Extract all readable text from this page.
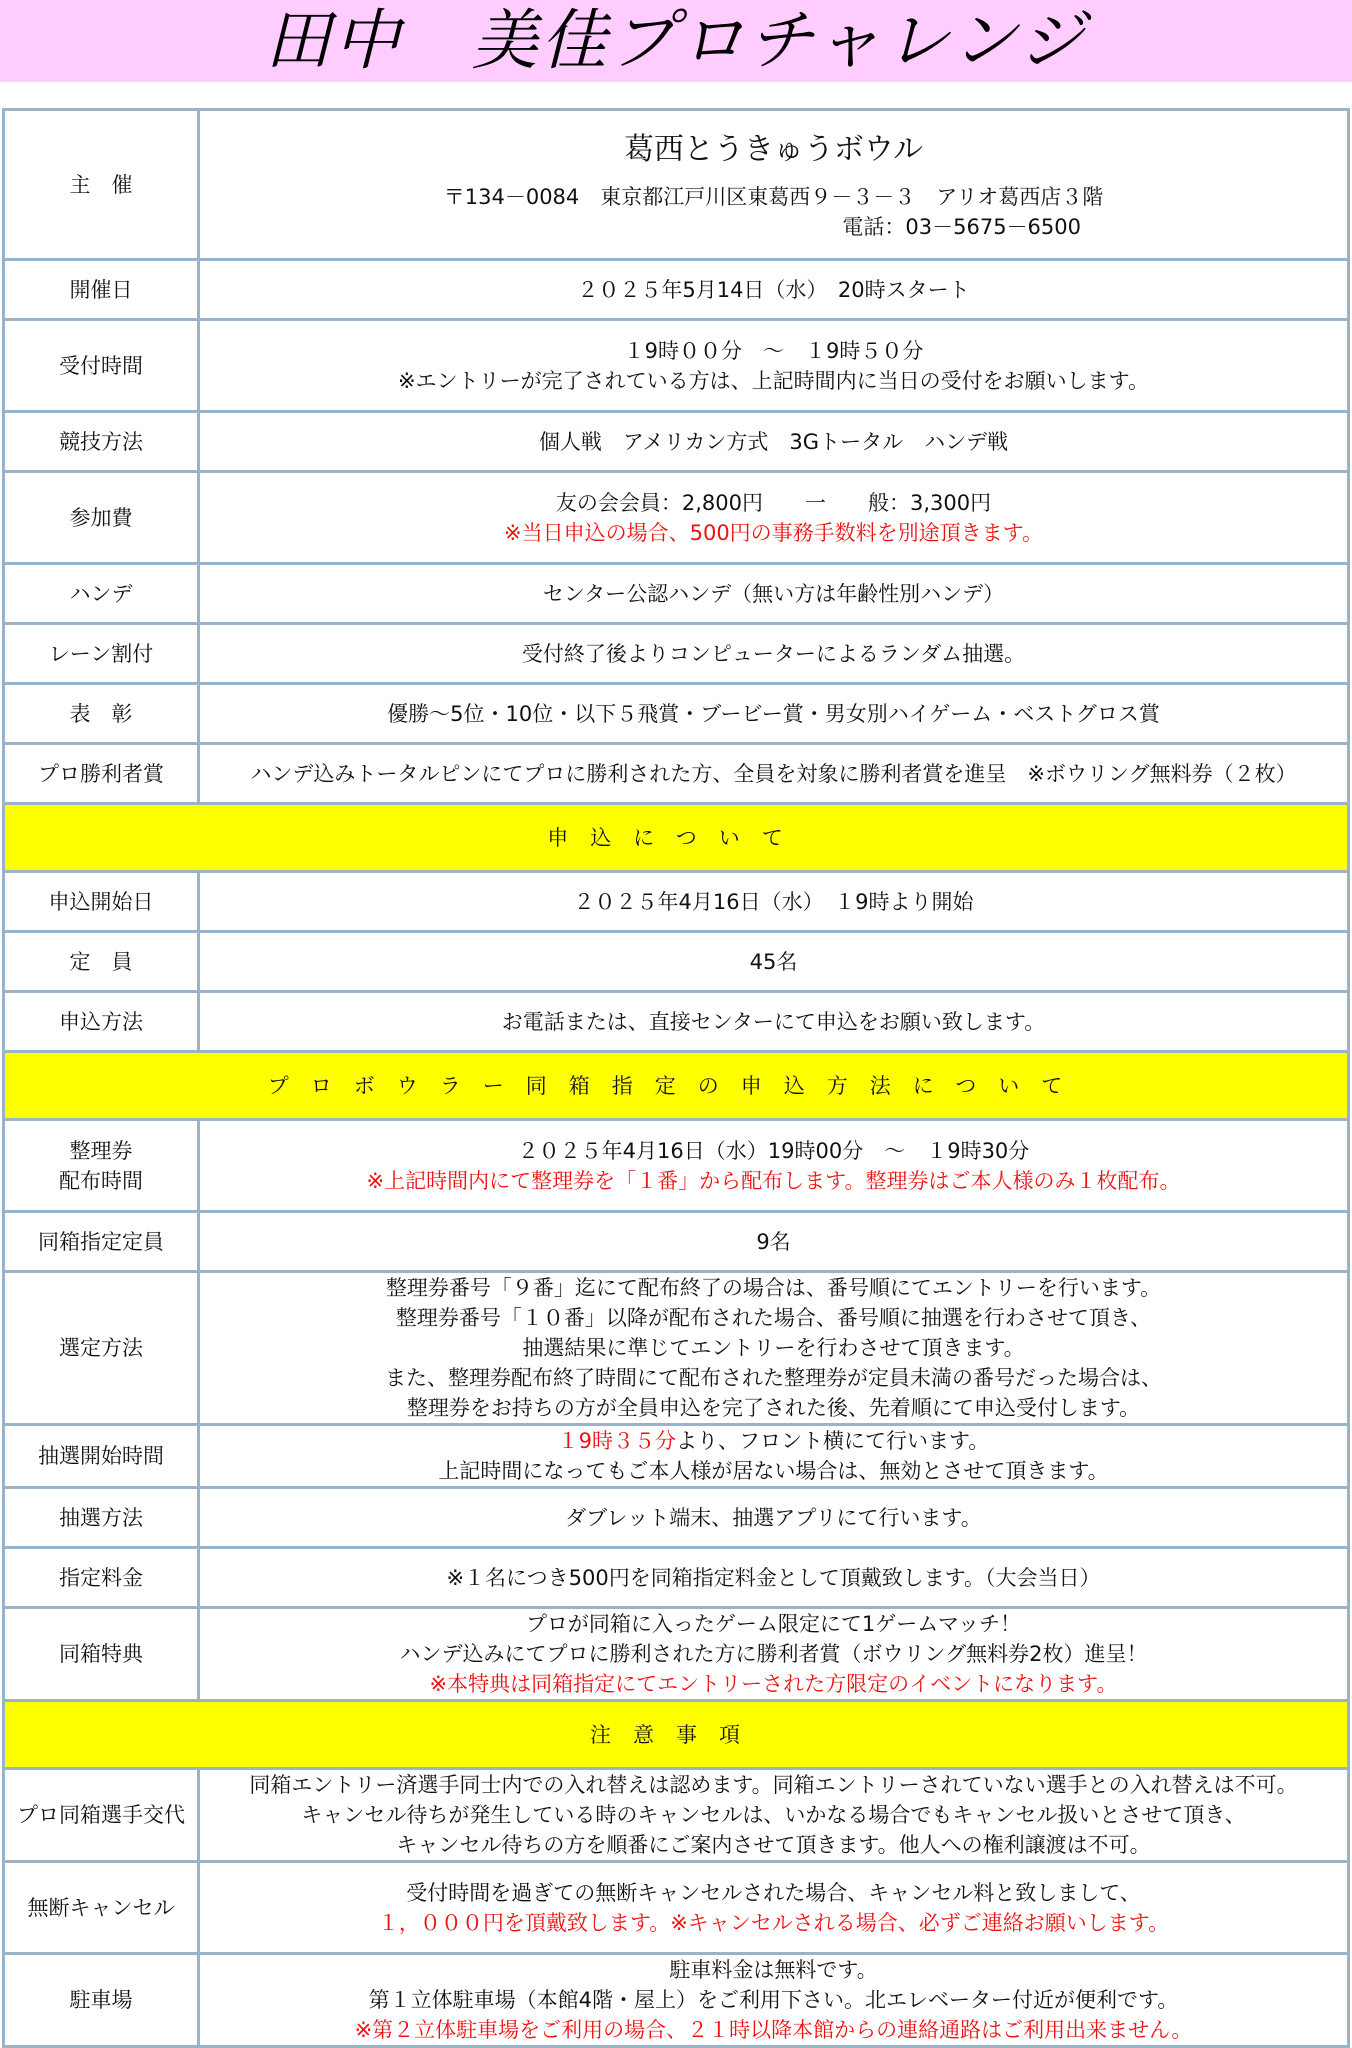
田中　美佳プロチャレンジ
主　催	葛西とうきゅうボウル
〒134－0084　東京都江戸川区東葛西９－３－３　アリオ葛西店３階
電話：03－5675－6500

開催日	２０２５年5月14日（水）　20時スタート
受付時間	１9時００分　～　１9時５０分
※エントリーが完了されている方は、上記時間内に当日の受付をお願いします。

競技方法	個人戦　アメリカン方式　3Gトータル　ハンデ戦
参加費	友の会会員：2,800円　　一　　般：3,300円
※当日申込の場合、500円の事務手数料を別途頂きます。

ハンデ	センター公認ハンデ（無い方は年齢性別ハンデ）
レーン割付	受付終了後よりコンピューターによるランダム抽選。
表　彰	優勝～5位・10位・以下５飛賞・ブービー賞・男女別ハイゲーム・ベストグロス賞
プロ勝利者賞	ハンデ込みトータルピンにてプロに勝利された方、全員を対象に勝利者賞を進呈　※ボウリング無料券（２枚）
申込について	
申込開始日	２０２５年4月16日（水）　１9時より開始
定　員	45名
申込方法	お電話または、直接センターにて申込をお願い致します。
プロボウラー同箱指定の申込方法について	

整理券
配布時間	２０２５年4月16日（水）19時00分　～　１9時30分
※上記時間内にて整理券を「１番」から配布します。整理券はご本人様のみ１枚配布。

同箱指定定員	9名
選定方法	整理券番号「９番」迄にて配布終了の場合は、番号順にてエントリーを行います。
整理券番号「１０番」以降が配布された場合、番号順に抽選を行わさせて頂き、
抽選結果に準じてエントリーを行わさせて頂きます。
また、整理券配布終了時間にて配布された整理券が定員未満の番号だった場合は、
整理券をお持ちの方が全員申込を完了された後、先着順にて申込受付します。

抽選開始時間	１9時３５分より、フロント横にて行います。
上記時間になってもご本人様が居ない場合は、無効とさせて頂きます。

抽選方法	ダブレット端末、抽選アプリにて行います。
指定料金	※１名につき500円を同箱指定料金として頂戴致します。（大会当日）
同箱特典	プロが同箱に入ったゲーム限定にて1ゲームマッチ！
ハンデ込みにてプロに勝利された方に勝利者賞（ボウリング無料券2枚）進呈！
※本特典は同箱指定にてエントリーされた方限定のイベントになります。

注意事項	
プロ同箱選手交代	同箱エントリー済選手同士内での入れ替えは認めます。同箱エントリーされていない選手との入れ替えは不可。
キャンセル待ちが発生している時のキャンセルは、いかなる場合でもキャンセル扱いとさせて頂き、
キャンセル待ちの方を順番にご案内させて頂きます。他人への権利譲渡は不可。

無断キャンセル	受付時間を過ぎての無断キャンセルされた場合、キャンセル料と致しまして、
１，０００円を頂戴致します。※キャンセルされる場合、必ずご連絡お願いします。

駐車場	駐車料金は無料です。
第１立体駐車場（本館4階・屋上）をご利用下さい。北エレベーター付近が便利です。
※第２立体駐車場をご利用の場合、２１時以降本館からの連絡通路はご利用出来ません。
